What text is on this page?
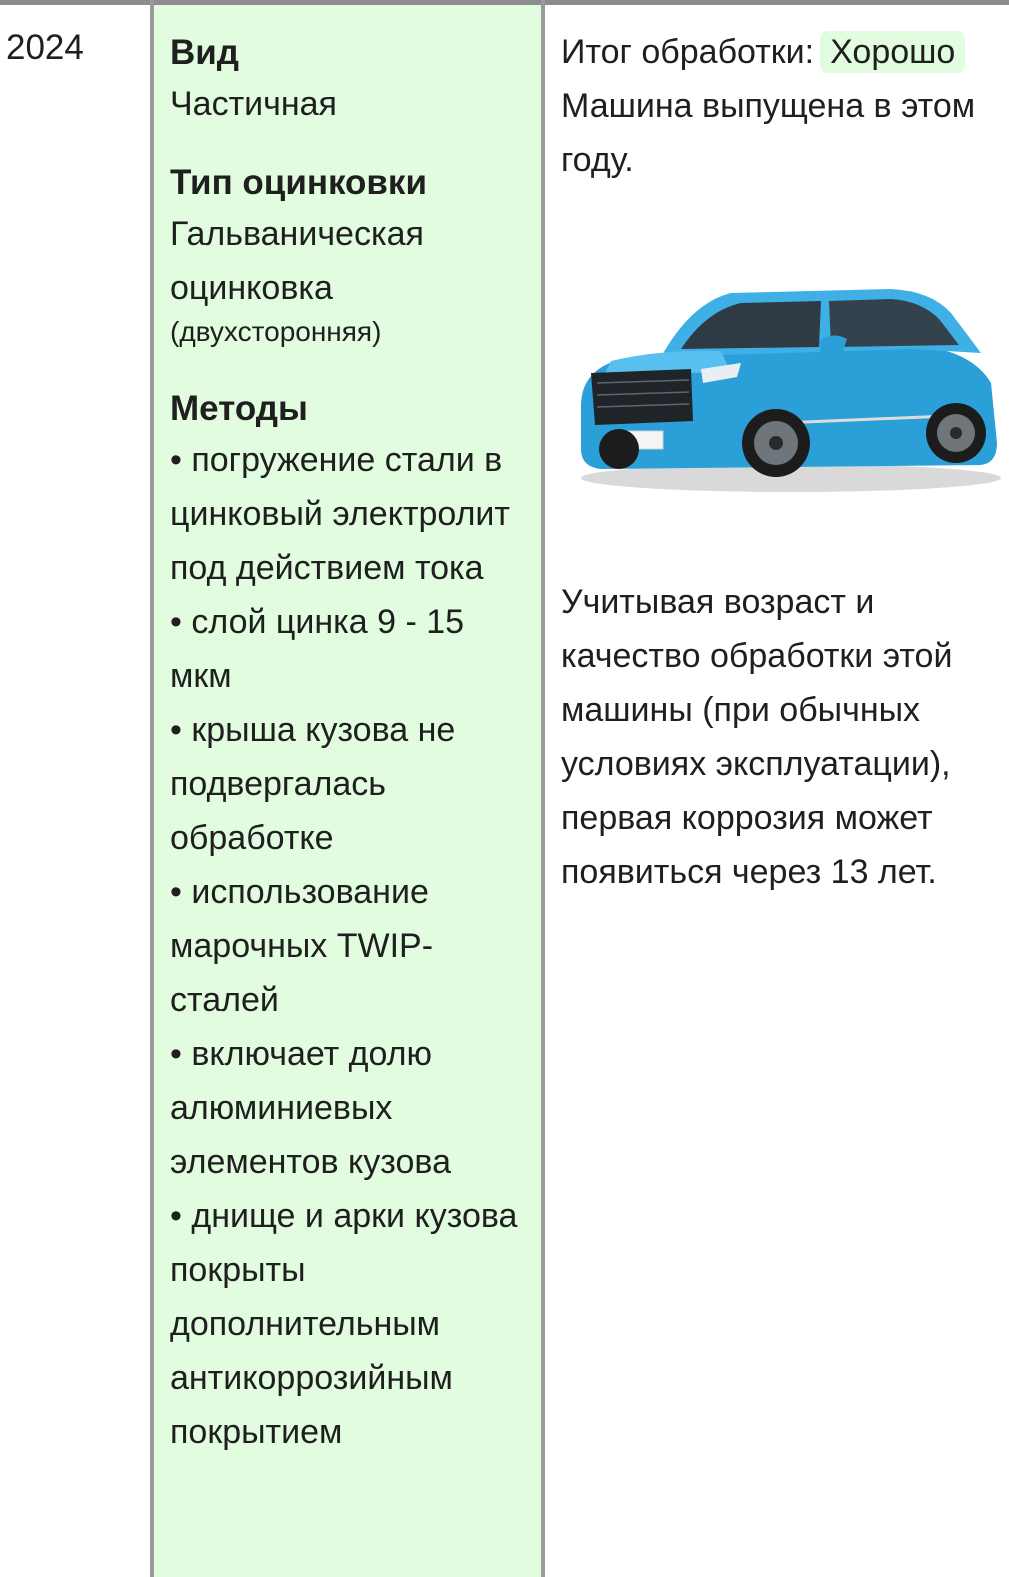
2024 Вид
Частичная
Тип оцинковки
Гальваническая оцинковка
(двухсторонняя)
Методы
• погружение стали в цинковый электролит под действием тока
• слой цинка 9 - 15 мкм
• крыша кузова не подвергалась обработке
• использование марочных TWIP-сталей
• включает долю алюминиевых элементов кузова
• днище и арки кузова покрыты дополнительным антикоррозийным покрытием
Итог обработки: Хорошо
Машина выпущена в этом году.
Учитывая возраст и качество обработки этой машины (при обычных условиях эксплуатации), первая коррозия может появиться через 13 лет.
